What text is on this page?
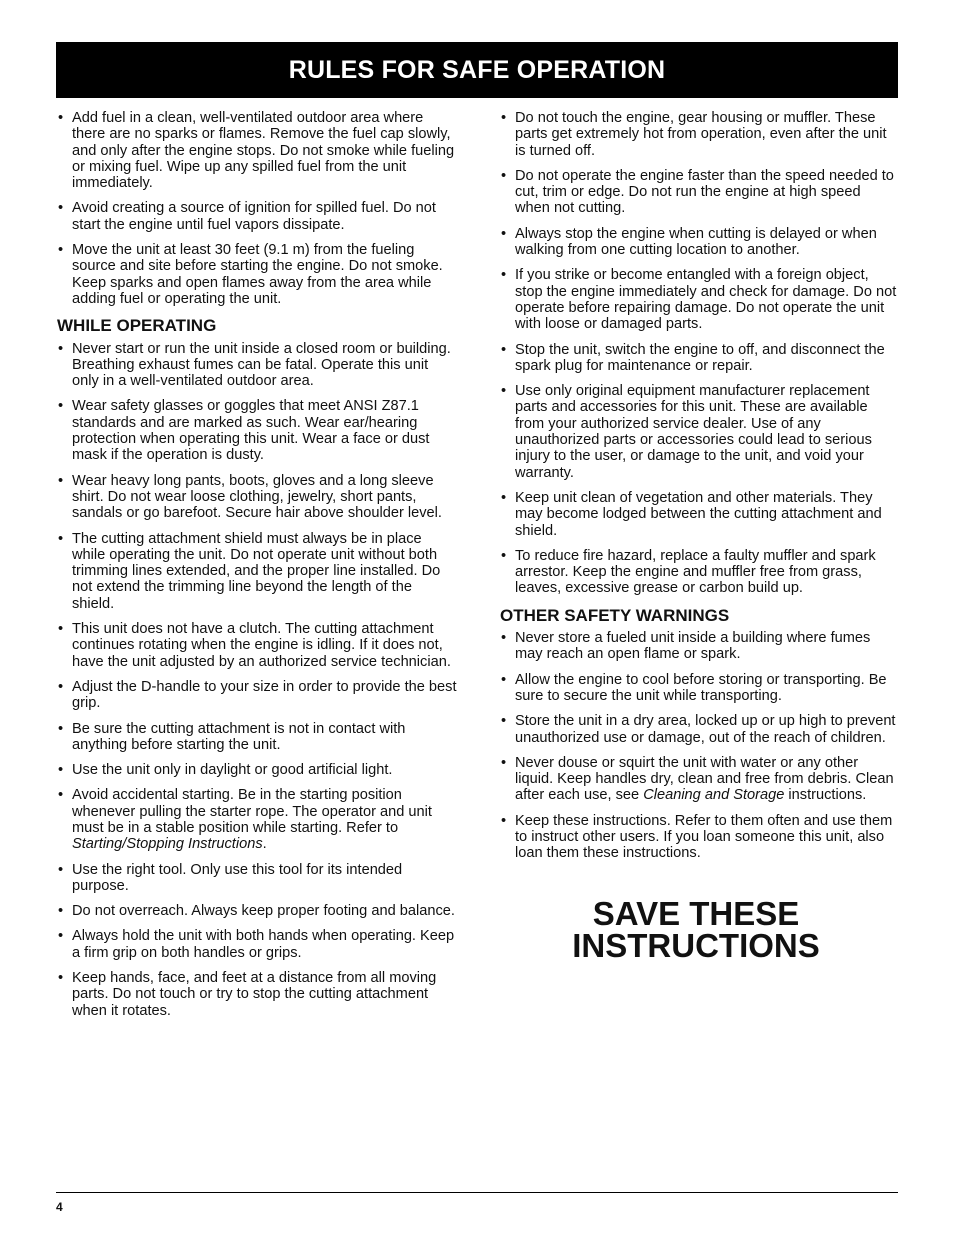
RULES FOR SAFE OPERATION
• Add fuel in a clean, well-ventilated outdoor area where there are no sparks or flames. Remove the fuel cap slowly, and only after the engine stops. Do not smoke while fueling or mixing fuel. Wipe up any spilled fuel from the unit immediately.
• Avoid creating a source of ignition for spilled fuel. Do not start the engine until fuel vapors dissipate.
• Move the unit at least 30 feet (9.1 m) from the fueling source and site before starting the engine. Do not smoke. Keep sparks and open flames away from the area while adding fuel or operating the unit.
WHILE OPERATING
• Never start or run the unit inside a closed room or building. Breathing exhaust fumes can be fatal. Operate this unit only in a well-ventilated outdoor area.
• Wear safety glasses or goggles that meet ANSI Z87.1 standards and are marked as such. Wear ear/hearing protection when operating this unit. Wear a face or dust mask if the operation is dusty.
• Wear heavy long pants, boots, gloves and a long sleeve shirt. Do not wear loose clothing, jewelry, short pants, sandals or go barefoot. Secure hair above shoulder level.
• The cutting attachment shield must always be in place while operating the unit. Do not operate unit without both trimming lines extended, and the proper line installed. Do not extend the trimming line beyond the length of the shield.
• This unit does not have a clutch. The cutting attachment continues rotating when the engine is idling. If it does not, have the unit adjusted by an authorized service technician.
• Adjust the D-handle to your size in order to provide the best grip.
• Be sure the cutting attachment is not in contact with anything before starting the unit.
• Use the unit only in daylight or good artificial light.
• Avoid accidental starting. Be in the starting position whenever pulling the starter rope. The operator and unit must be in a stable position while starting. Refer to Starting/Stopping Instructions.
• Use the right tool. Only use this tool for its intended purpose.
• Do not overreach. Always keep proper footing and balance.
• Always hold the unit with both hands when operating. Keep a firm grip on both handles or grips.
• Keep hands, face, and feet at a distance from all moving parts. Do not touch or try to stop the cutting attachment when it rotates.
• Do not touch the engine, gear housing or muffler. These parts get extremely hot from operation, even after the unit is turned off.
• Do not operate the engine faster than the speed needed to cut, trim or edge. Do not run the engine at high speed when not cutting.
• Always stop the engine when cutting is delayed or when walking from one cutting location to another.
• If you strike or become entangled with a foreign object, stop the engine immediately and check for damage. Do not operate before repairing damage. Do not operate the unit with loose or damaged parts.
• Stop the unit, switch the engine to off, and disconnect the spark plug for maintenance or repair.
• Use only original equipment manufacturer replacement parts and accessories for this unit. These are available from your authorized service dealer. Use of any unauthorized parts or accessories could lead to serious injury to the user, or damage to the unit, and void your warranty.
• Keep unit clean of vegetation and other materials. They may become lodged between the cutting attachment and shield.
• To reduce fire hazard, replace a faulty muffler and spark arrestor. Keep the engine and muffler free from grass, leaves, excessive grease or carbon build up.
OTHER SAFETY WARNINGS
• Never store a fueled unit inside a building where fumes may reach an open flame or spark.
• Allow the engine to cool before storing or transporting. Be sure to secure the unit while transporting.
• Store the unit in a dry area, locked up or up high to prevent unauthorized use or damage, out of the reach of children.
• Never douse or squirt the unit with water or any other liquid. Keep handles dry, clean and free from debris. Clean after each use, see Cleaning and Storage instructions.
• Keep these instructions. Refer to them often and use them to instruct other users. If you loan someone this unit, also loan them these instructions.
SAVE THESE
INSTRUCTIONS
4
